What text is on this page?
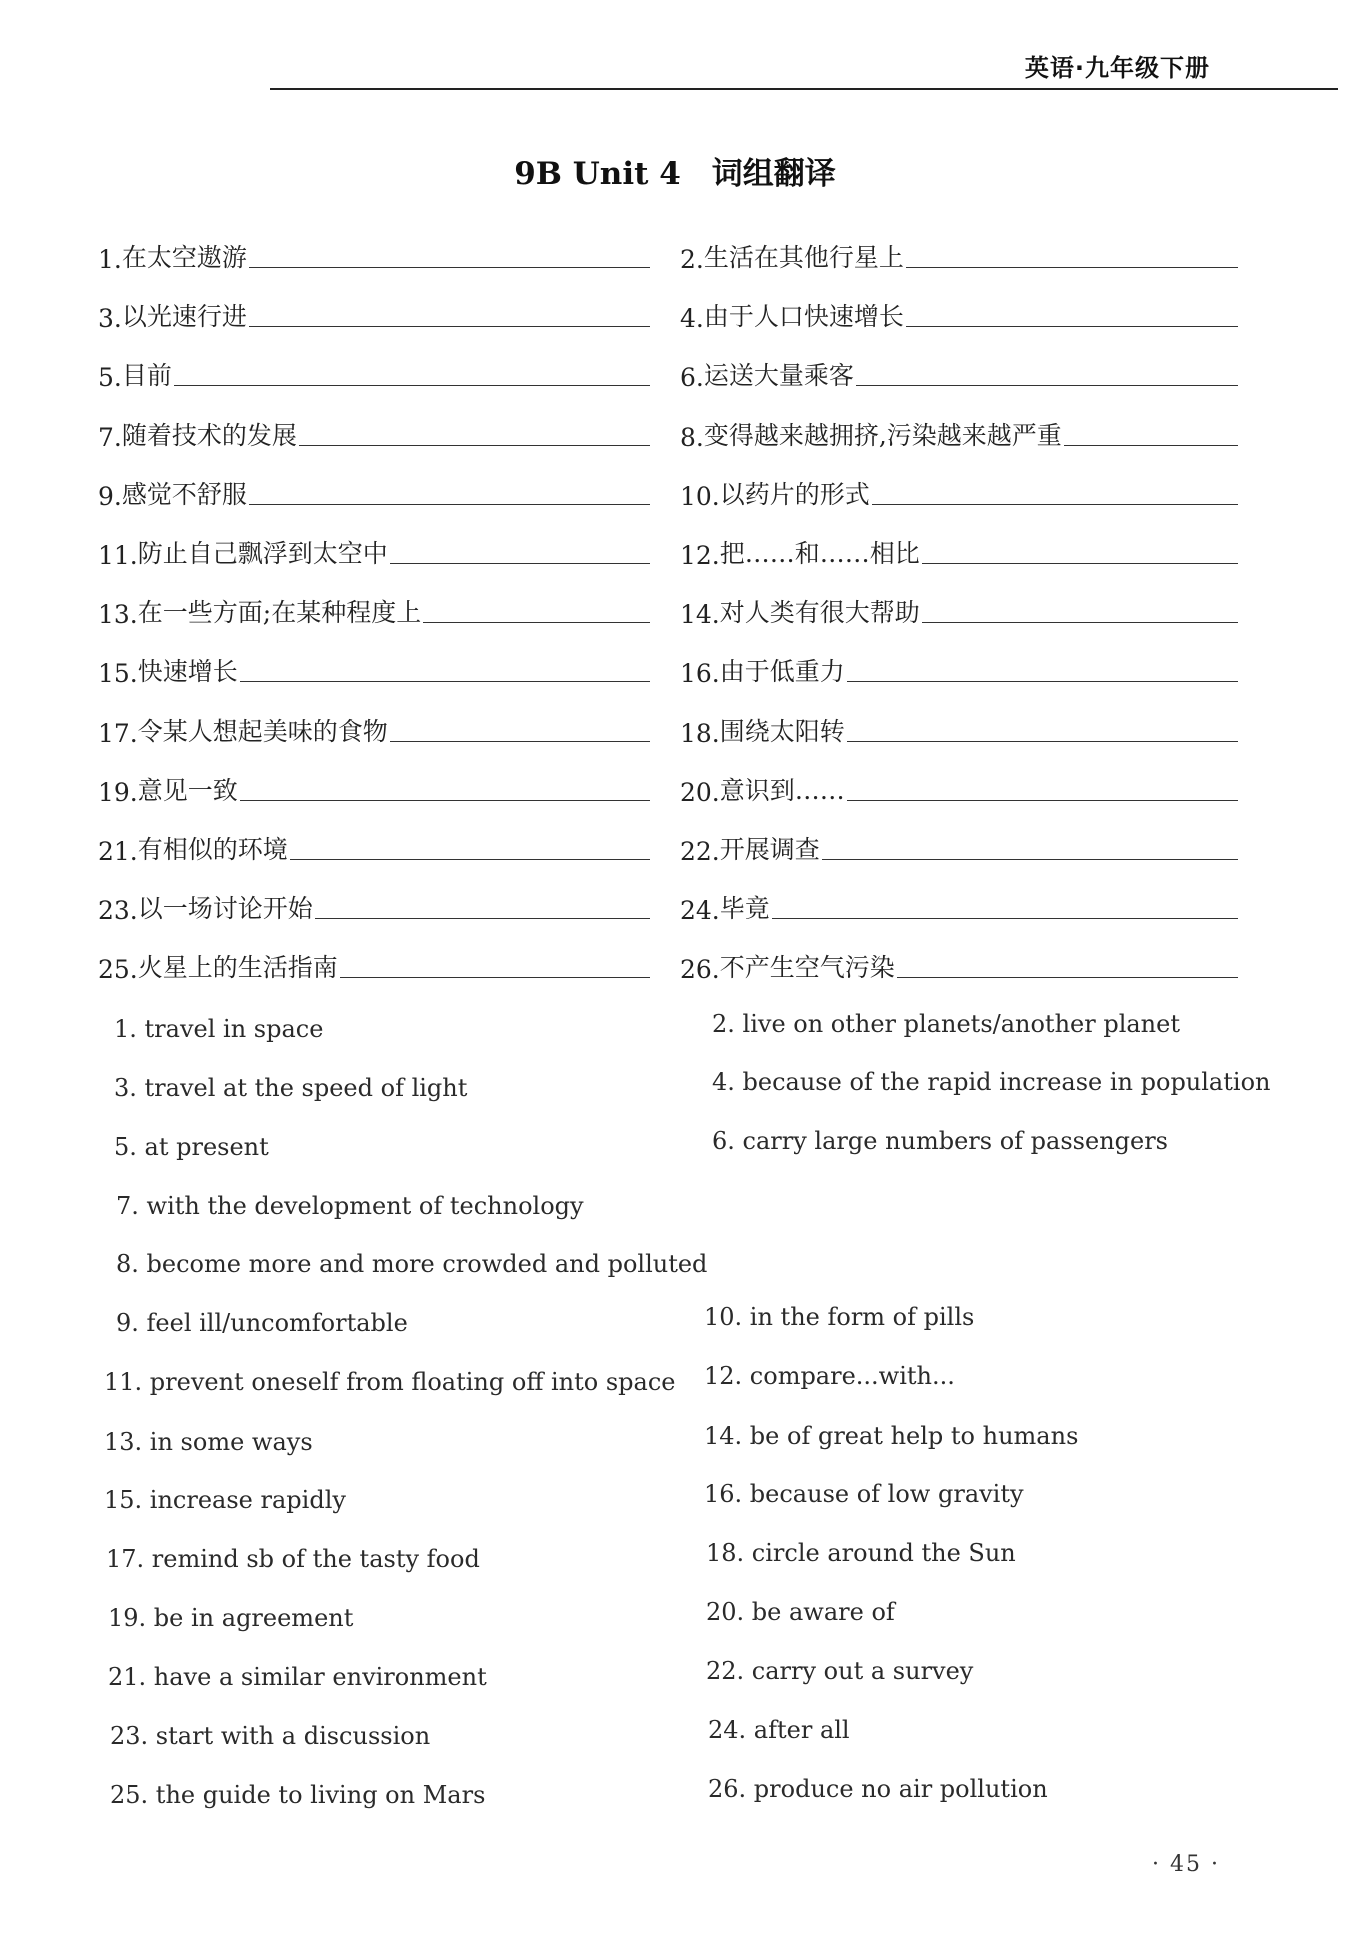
英语·九年级下册
9B Unit 4　词组翻译
1. 在太空遨游	2. 生活在其他行星上
3. 以光速行进	4. 由于人口快速增长
5. 目前	6. 运送大量乘客
7. 随着技术的发展	8. 变得越来越拥挤,污染越来越严重
9. 感觉不舒服	10. 以药片的形式
11. 防止自己飘浮到太空中	12. 把……和……相比
13. 在一些方面;在某种程度上	14. 对人类有很大帮助
15. 快速增长	16. 由于低重力
17. 令某人想起美味的食物	18. 围绕太阳转
19. 意见一致	20. 意识到……
21. 有相似的环境	22. 开展调查
23. 以一场讨论开始	24. 毕竟
25. 火星上的生活指南	26. 不产生空气污染
1. travel in space	2. live on other planets/another planet
3. travel at the speed of light	4. because of the rapid increase in population
5. at present	6. carry large numbers of passengers
7. with the development of technology
8. become more and more crowded and polluted
9. feel ill/uncomfortable	10. in the form of pills
11. prevent oneself from floating off into space 12. compare...with...
13. in some ways	14. be of great help to humans
15. increase rapidly	16. because of low gravity
17. remind sb of the tasty food	18. circle around the Sun
19. be in agreement	20. be aware of
21. have a similar environment	22. carry out a survey
23. start with a discussion	24. after all
25. the guide to living on Mars	26. produce no air pollution
· 45 ·
